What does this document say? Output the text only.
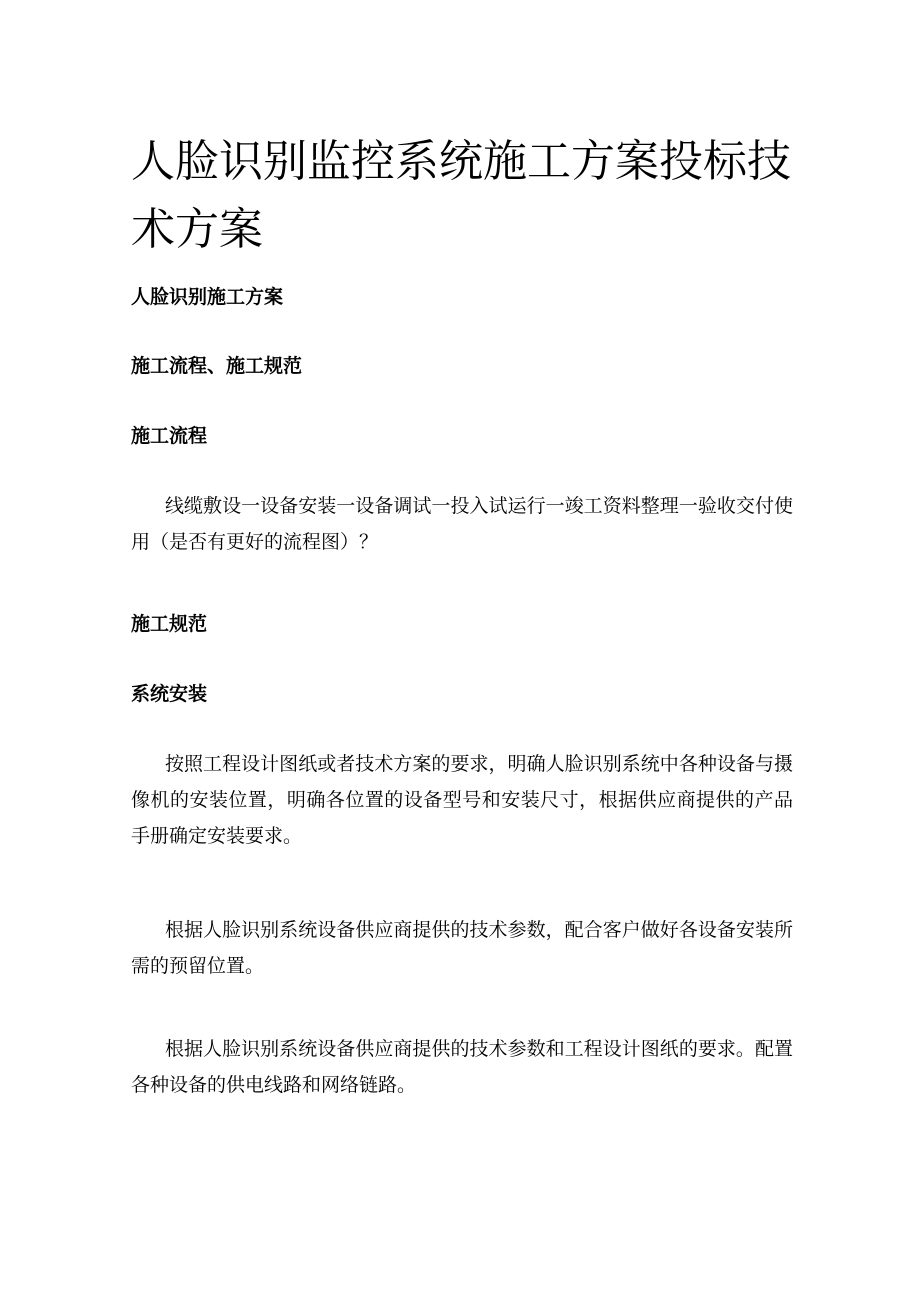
人脸识别监控系统施工方案投标技术方案
人脸识别施工方案
施工流程、施工规范
施工流程

线缆敷设一设备安装一设备调试一投入试运行一竣工资料整理一验收交付使用（是否有更好的流程图）？

施工规范
系统安装

按照工程设计图纸或者技术方案的要求，明确人脸识别系统中各种设备与摄像机的安装位置，明确各位置的设备型号和安装尺寸，根据供应商提供的产品手册确定安装要求。

根据人脸识别系统设备供应商提供的技术参数，配合客户做好各设备安装所需的预留位置。

根据人脸识别系统设备供应商提供的技术参数和工程设计图纸的要求。配置各种设备的供电线路和网络链路。
